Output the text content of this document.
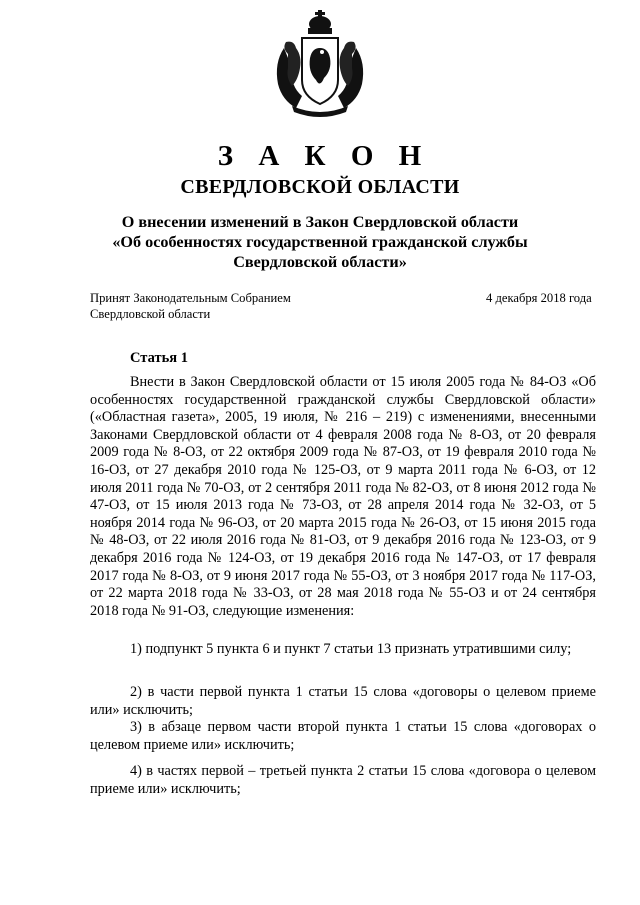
З А К О Н
СВЕРДЛОВСКОЙ ОБЛАСТИ
О внесении изменений в Закон Свердловской области
«Об особенностях государственной гражданской службы
Свердловской области»
Принят Законодательным Собранием
Свердловской области
4 декабря 2018 года
Статья 1

Внести в Закон Свердловской области от 15 июля 2005 года № 84-ОЗ «Об особенностях государственной гражданской службы Свердловской области» («Областная газета», 2005, 19 июля, № 216 – 219) с изменениями, внесенными Законами Свердловской области от 4 февраля 2008 года № 8-ОЗ, от 20 февраля 2009 года № 8-ОЗ, от 22 октября 2009 года № 87-ОЗ, от 19 февраля 2010 года № 16-ОЗ, от 27 декабря 2010 года № 125-ОЗ, от 9 марта 2011 года № 6-ОЗ, от 12 июля 2011 года № 70-ОЗ, от 2 сентября 2011 года № 82-ОЗ, от 8 июня 2012 года № 47-ОЗ, от 15 июля 2013 года № 73-ОЗ, от 28 апреля 2014 года № 32-ОЗ, от 5 ноября 2014 года № 96-ОЗ, от 20 марта 2015 года № 26-ОЗ, от 15 июня 2015 года № 48-ОЗ, от 22 июля 2016 года № 81-ОЗ, от 9 декабря 2016 года № 123-ОЗ, от 9 декабря 2016 года № 124-ОЗ, от 19 декабря 2016 года № 147-ОЗ, от 17 февраля 2017 года № 8-ОЗ, от 9 июня 2017 года № 55-ОЗ, от 3 ноября 2017 года № 117-ОЗ, от 22 марта 2018 года № 33-ОЗ, от 28 мая 2018 года № 55-ОЗ и от 24 сентября 2018 года № 91-ОЗ, следующие изменения:

1) подпункт 5 пункта 6 и пункт 7 статьи 13 признать утратившими силу;

2) в части первой пункта 1 статьи 15 слова «договоры о целевом приеме или» исключить;

3) в абзаце первом части второй пункта 1 статьи 15 слова «договорах о целевом приеме или» исключить;

4) в частях первой – третьей пункта 2 статьи 15 слова «договора о целевом приеме или» исключить;
